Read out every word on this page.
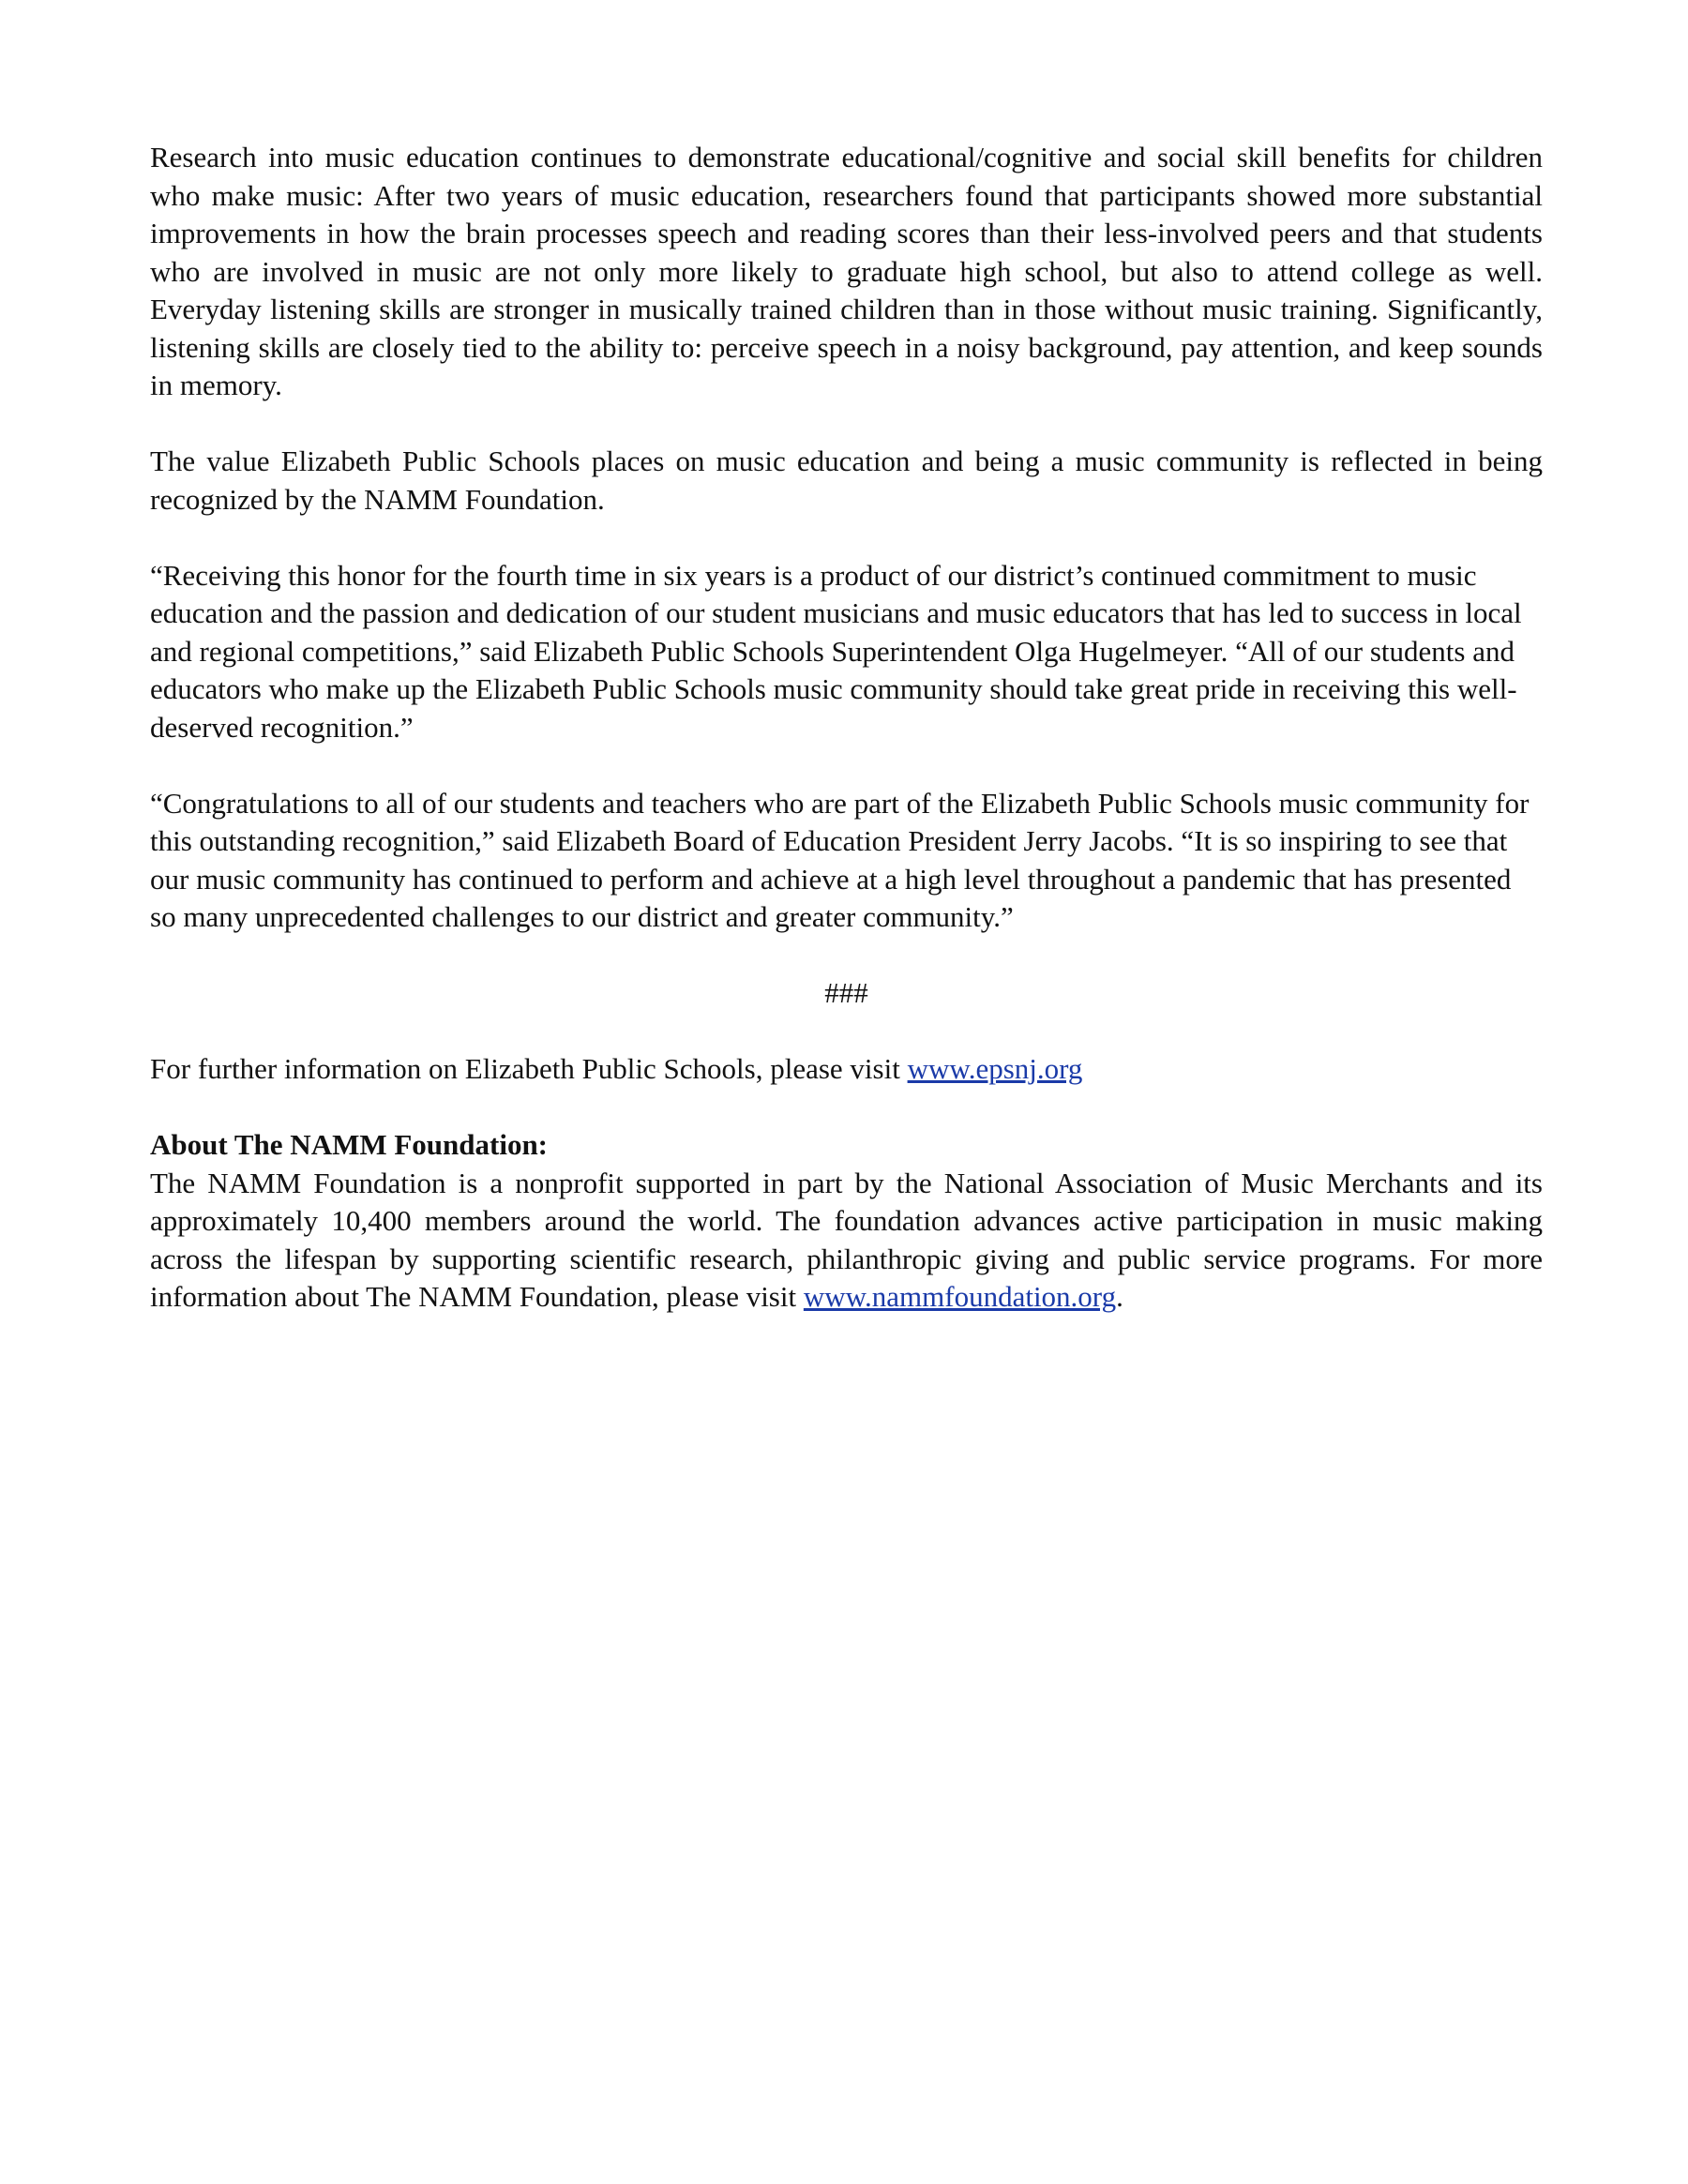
Research into music education continues to demonstrate educational/cognitive and social skill benefits for children who make music: After two years of music education, researchers found that participants showed more substantial improvements in how the brain processes speech and reading scores than their less-involved peers and that students who are involved in music are not only more likely to graduate high school, but also to attend college as well. Everyday listening skills are stronger in musically trained children than in those without music training. Significantly, listening skills are closely tied to the ability to: perceive speech in a noisy background, pay attention, and keep sounds in memory.

The value Elizabeth Public Schools places on music education and being a music community is reflected in being recognized by the NAMM Foundation.

“Receiving this honor for the fourth time in six years is a product of our district’s continued commitment to music education and the passion and dedication of our student musicians and music educators that has led to success in local and regional competitions,” said Elizabeth Public Schools Superintendent Olga Hugelmeyer. “All of our students and educators who make up the Elizabeth Public Schools music community should take great pride in receiving this well-deserved recognition.”

“Congratulations to all of our students and teachers who are part of the Elizabeth Public Schools music community for this outstanding recognition,” said Elizabeth Board of Education President Jerry Jacobs. “It is so inspiring to see that our music community has continued to perform and achieve at a high level throughout a pandemic that has presented so many unprecedented challenges to our district and greater community.”

###

For further information on Elizabeth Public Schools, please visit www.epsnj.org

About The NAMM Foundation:

The NAMM Foundation is a nonprofit supported in part by the National Association of Music Merchants and its approximately 10,400 members around the world. The foundation advances active participation in music making across the lifespan by supporting scientific research, philanthropic giving and public service programs. For more information about The NAMM Foundation, please visit www.nammfoundation.org.
